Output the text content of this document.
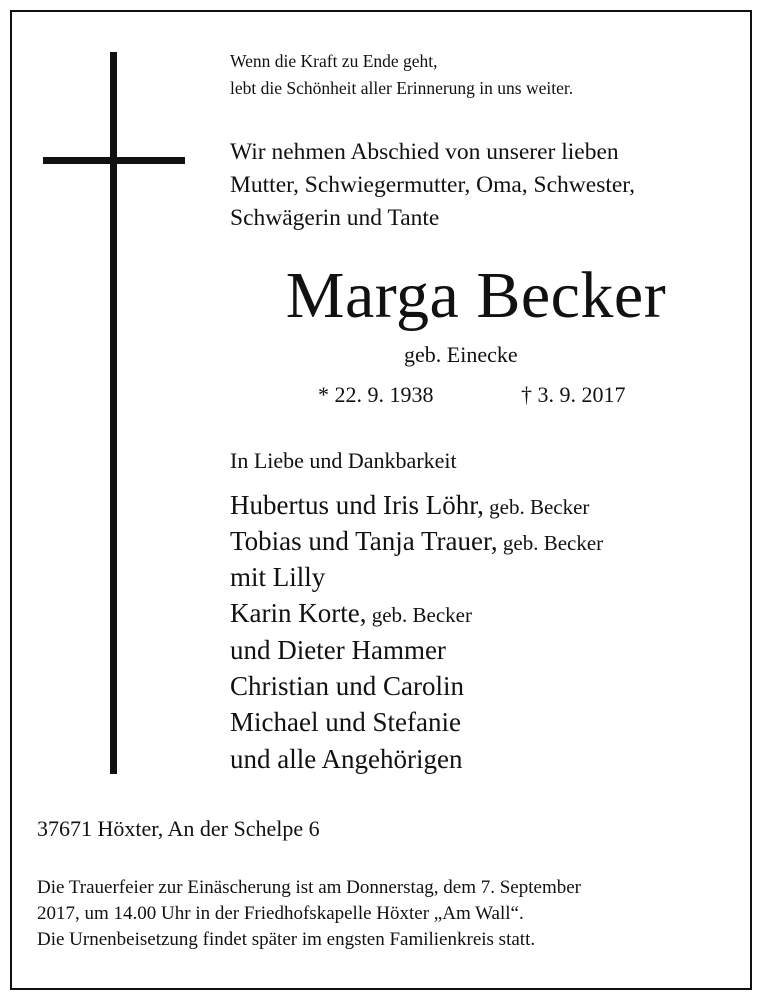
Wenn die Kraft zu Ende geht,
lebt die Schönheit aller Erinnerung in uns weiter.
Wir nehmen Abschied von unserer lieben
Mutter, Schwiegermutter, Oma, Schwester,
Schwägerin und Tante
Marga Becker
geb. Einecke
* 22. 9. 1938	† 3. 9. 2017
In Liebe und Dankbarkeit
Hubertus und Iris Löhr, geb. Becker
Tobias und Tanja Trauer, geb. Becker
mit Lilly
Karin Korte, geb. Becker
und Dieter Hammer
Christian und Carolin
Michael und Stefanie
und alle Angehörigen
37671 Höxter, An der Schelpe 6
Die Trauerfeier zur Einäscherung ist am Donnerstag, dem 7. September
2017, um 14.00 Uhr in der Friedhofskapelle Höxter „Am Wall“.
Die Urnenbeisetzung findet später im engsten Familienkreis statt.
